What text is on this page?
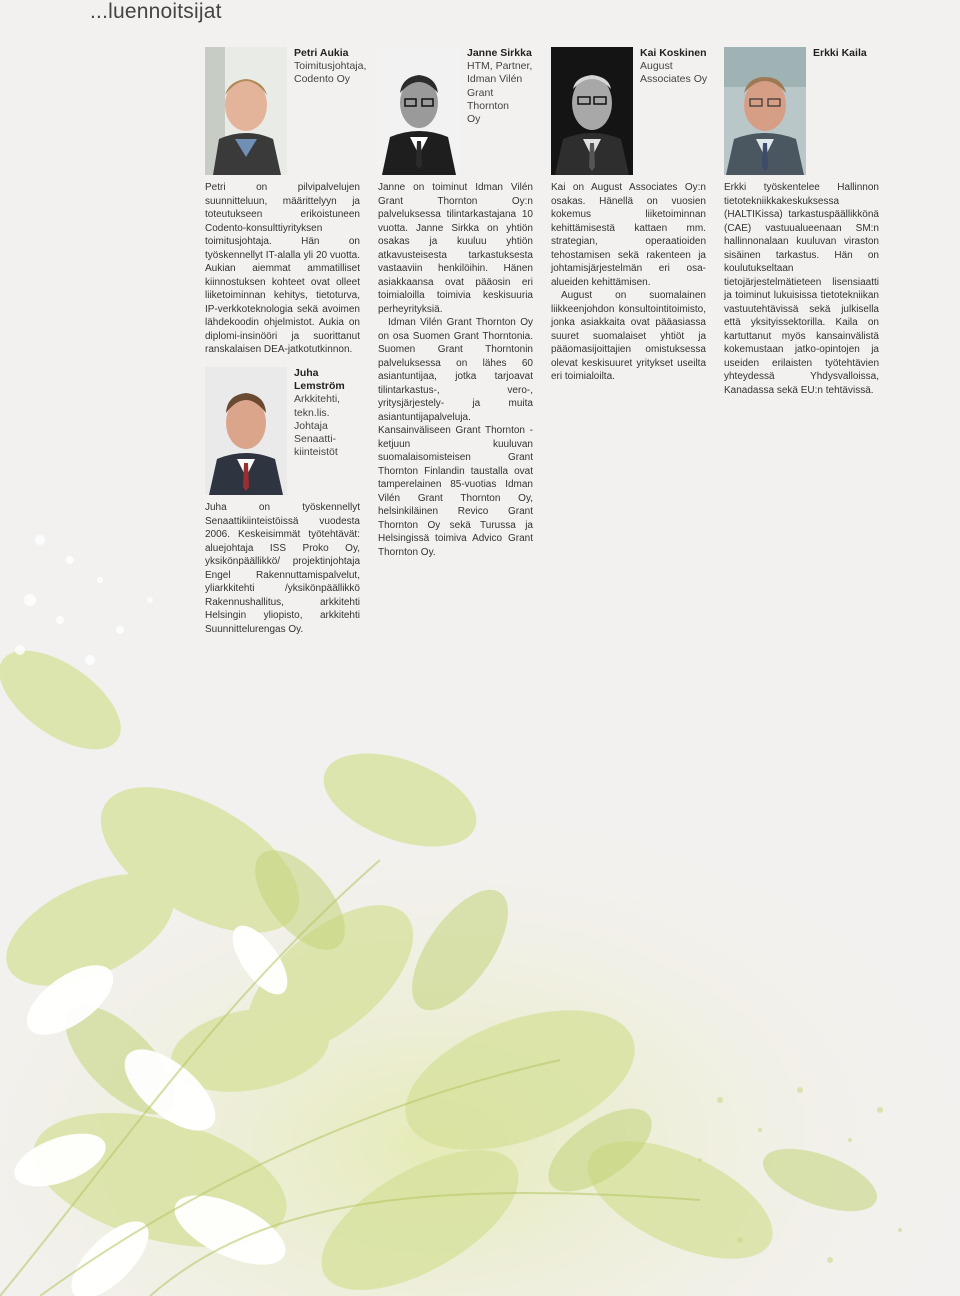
...luennoitsijat
Petri Aukia
Toimitusjohtaja,
Codento Oy

Petri on pilvipalvelujen suunnitteluun, määrittelyyn ja toteutukseen erikoistuneen Codento-konsulttiyrityksen toimitusjohtaja. Hän on työskennellyt IT-alalla yli 20 vuotta. Aukian aiemmat ammatilliset kiinnostuksen kohteet ovat olleet liiketoiminnan kehitys, tietoturva, IP-verkkoteknologia sekä avoimen lähdekoodin ohjelmistot. Aukia on diplomi-insinööri ja suorittanut ranskalaisen DEA-jatkotutkinnon.

Janne Sirkka
HTM, Partner,
Idman Vilén
Grant Thornton
Oy

Janne on toiminut Idman Vilén Grant Thornton Oy:n palveluksessa tilintarkastajana 10 vuotta. Janne Sirkka on yhtiön osakas ja kuuluu yhtiön atkavusteisesta tarkastuksesta vastaaviin henkilöihin. Hänen asiakkaansa ovat pääosin eri toimialoilla toimivia keskisuuria perheyrityksiä.

Idman Vilén Grant Thornton Oy on osa Suomen Grant Thorntonia. Suomen Grant Thorntonin palveluksessa on lähes 60 asiantuntijaa, jotka tarjoavat tilintarkastus-, vero-, yritysjärjestely- ja muita asiantuntijapalveluja. Kansainväliseen Grant Thornton -ketjuun kuuluvan suomalaisomisteisen Grant Thornton Finlandin taustalla ovat tamperelainen 85-vuotias Idman Vilén Grant Thornton Oy, helsinkiläinen Revico Grant Thornton Oy sekä Turussa ja Helsingissä toimiva Advico Grant Thornton Oy.

Kai Koskinen
August
Associates Oy

Kai on August Associates Oy:n osakas. Hänellä on vuosien kokemus liiketoiminnan kehittämisestä kattaen mm. strategian, operaatioiden tehostamisen sekä rakenteen ja johtamisjärjestelmän eri osa-alueiden kehittämisen.

August on suomalainen liikkeenjohdon konsultointitoimisto, jonka asiakkaita ovat pääasiassa suuret suomalaiset yhtiöt ja pääomasijoittajien omistuksessa olevat keskisuuret yritykset useilta eri toimialoilta.

Erkki Kaila

Erkki työskentelee Hallinnon tietotekniikkakeskuksessa (HALTIKissa) tarkastuspäällikkönä (CAE) vastuualueenaan SM:n hallinnonalaan kuuluvan viraston sisäinen tarkastus. Hän on koulutukseltaan tietojärjestelmätieteen lisensiaatti ja toiminut lukuisissa tietotekniikan vastuutehtävissä sekä julkisella että yksityissektorilla. Kaila on kartuttanut myös kansainvälistä kokemustaan jatko-opintojen ja useiden erilaisten työtehtävien yhteydessä Yhdysvalloissa, Kanadassa sekä EU:n tehtävissä.

Juha
Lemström
Arkkitehti,
tekn.lis.
Johtaja
Senaatti-
kiinteistöt

Juha on työskennellyt Senaattikiinteistöissä vuodesta 2006. Keskeisimmät työtehtävät: aluejohtaja ISS Proko Oy, yksikönpäällikkö/ projektinjohtaja Engel Rakennuttamispalvelut, yliarkkitehti /yksikönpäällikkö Rakennushallitus, arkkitehti Helsingin yliopisto, arkkitehti Suunnittelurengas Oy.
